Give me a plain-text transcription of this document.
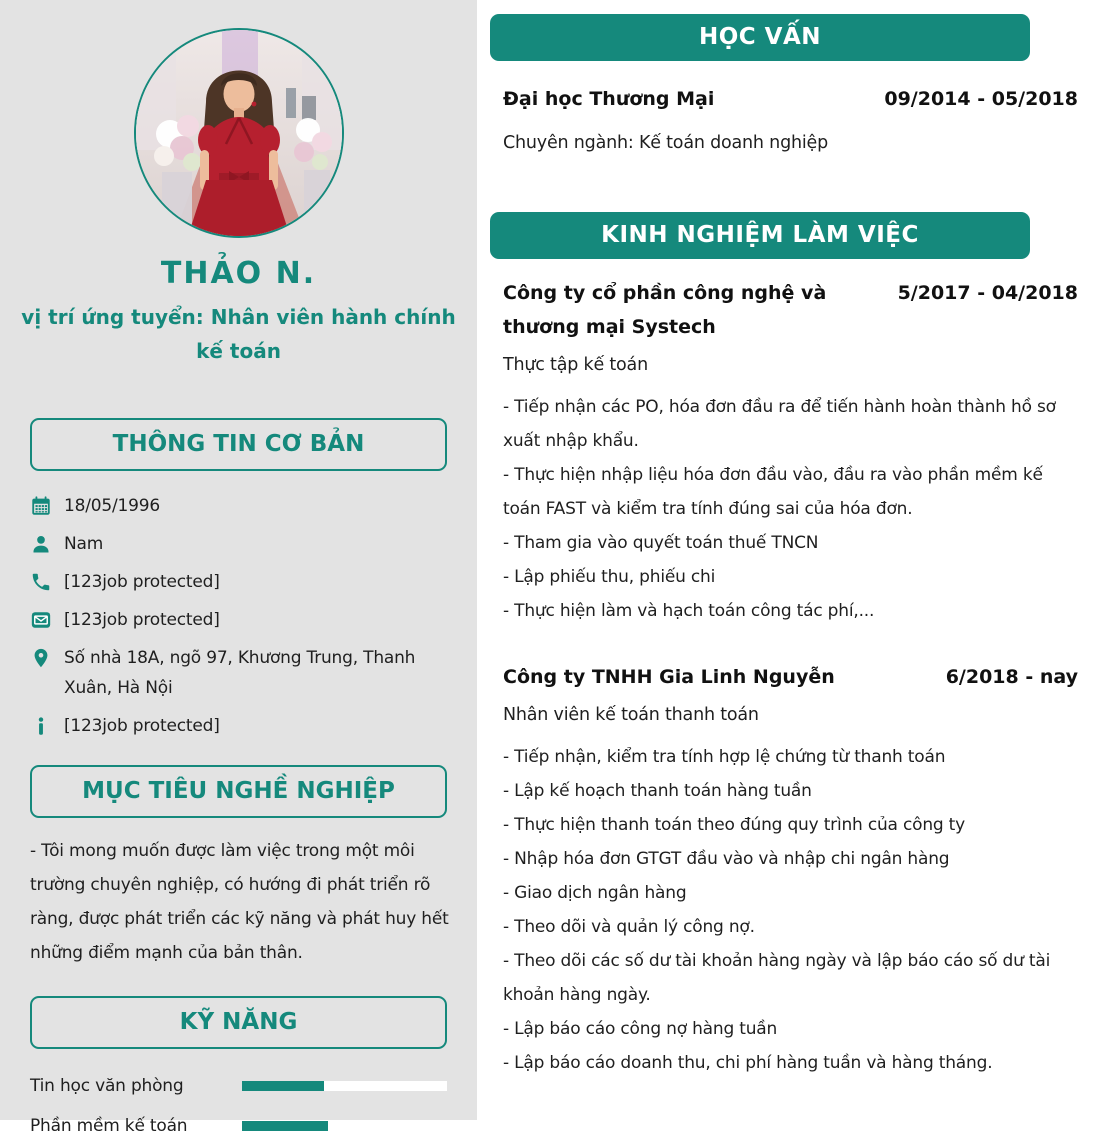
THẢO N.
vị trí ứng tuyển: Nhân viên hành chính kế toán
THÔNG TIN CƠ BẢN
18/05/1996
Nam
[123job protected]
[123job protected]
Số nhà 18A, ngõ 97, Khương Trung, Thanh Xuân, Hà Nội
[123job protected]
MỤC TIÊU NGHỀ NGHIỆP
- Tôi mong muốn được làm việc trong một môi trường chuyên nghiệp, có hướng đi phát triển rõ ràng, được phát triển các kỹ năng và phát huy hết những điểm mạnh của bản thân.
KỸ NĂNG
Tin học văn phòng
Phần mềm kế toán
HỌC VẤN
Đại học Thương Mại	09/2014 - 05/2018
Chuyên ngành: Kế toán doanh nghiệp
KINH NGHIỆM LÀM VIỆC
Công ty cổ phần công nghệ và thương mại Systech
5/2017 - 04/2018
Thực tập kế toán
- Tiếp nhận các PO, hóa đơn đầu ra để tiến hành hoàn thành hồ sơ xuất nhập khẩu.
- Thực hiện nhập liệu hóa đơn đầu vào, đầu ra vào phần mềm kế toán FAST và kiểm tra tính đúng sai của hóa đơn.
- Tham gia vào quyết toán thuế TNCN
- Lập phiếu thu, phiếu chi
- Thực hiện làm và hạch toán công tác phí,...
Công ty TNHH Gia Linh Nguyễn	6/2018 - nay
Nhân viên kế toán thanh toán
- Tiếp nhận, kiểm tra tính hợp lệ chứng từ thanh toán
- Lập kế hoạch thanh toán hàng tuần
- Thực hiện thanh toán theo đúng quy trình của công ty
- Nhập hóa đơn GTGT đầu vào và nhập chi ngân hàng
- Giao dịch ngân hàng
- Theo dõi và quản lý công nợ.
- Theo dõi các số dư tài khoản hàng ngày và lập báo cáo số dư tài khoản hàng ngày.
- Lập báo cáo công nợ hàng tuần
- Lập báo cáo doanh thu, chi phí hàng tuần và hàng tháng.
